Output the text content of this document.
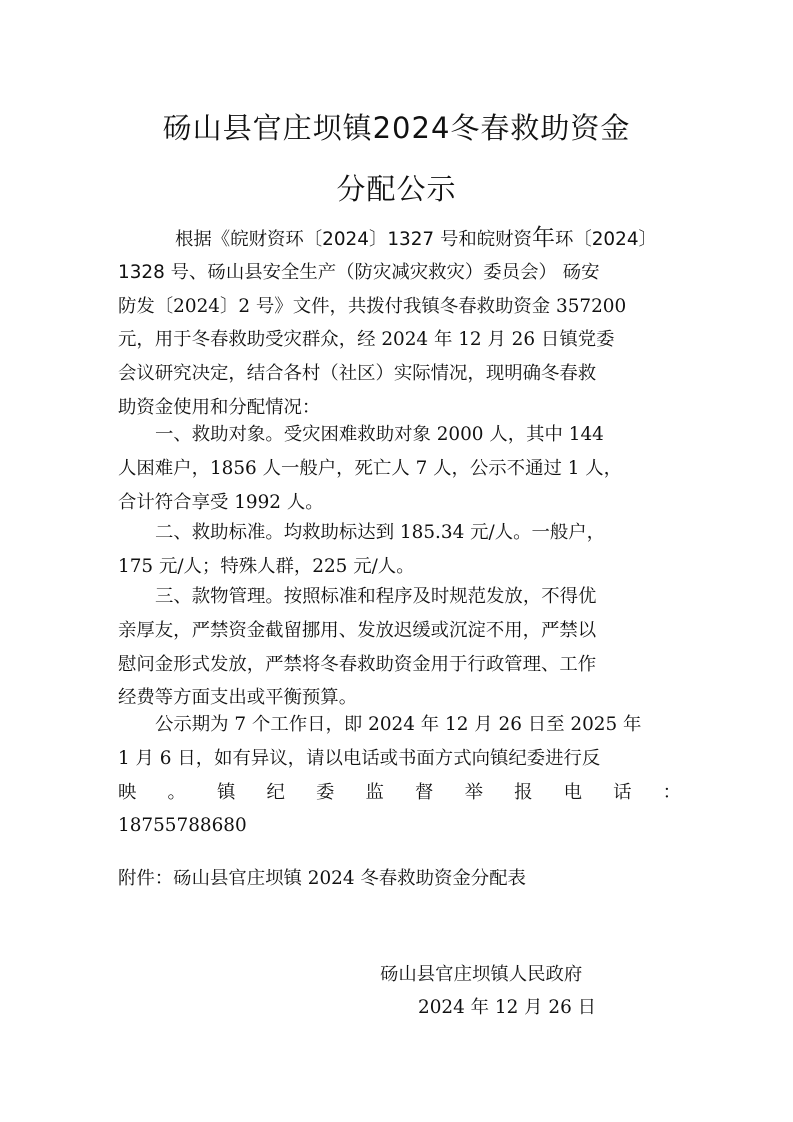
砀山县官庄坝镇2024冬春救助资金
分配公示
根据《皖财资环〔2024〕1327 号和皖财资年环〔2024〕
1328 号、砀山县安全生产（防灾减灾救灾）委员会） 砀安
防发〔2024〕2 号》文件，共拨付我镇冬春救助资金 357200
元，用于冬春救助受灾群众，经 2024 年 12 月 26 日镇党委
会议研究决定，结合各村（社区）实际情况，现明确冬春救
助资金使用和分配情况：
一、救助对象。受灾困难救助对象 2000 人，其中 144
人困难户，1856 人一般户，死亡人 7 人，公示不通过 1 人，
合计符合享受 1992 人。
二、救助标准。均救助标达到 185.34 元/人。一般户，
175 元/人；特殊人群，225 元/人。
三、款物管理。按照标准和程序及时规范发放，不得优
亲厚友，严禁资金截留挪用、发放迟缓或沉淀不用，严禁以
慰问金形式发放，严禁将冬春救助资金用于行政管理、工作
经费等方面支出或平衡预算。
公示期为 7 个工作日，即 2024 年 12 月 26 日至 2025 年
1 月 6 日，如有异议，请以电话或书面方式向镇纪委进行反
映 。 镇 纪 委 监 督 举 报 电 话 ：
18755788680
附件：砀山县官庄坝镇 2024 冬春救助资金分配表
砀山县官庄坝镇人民政府
2024 年 12 月 26 日
